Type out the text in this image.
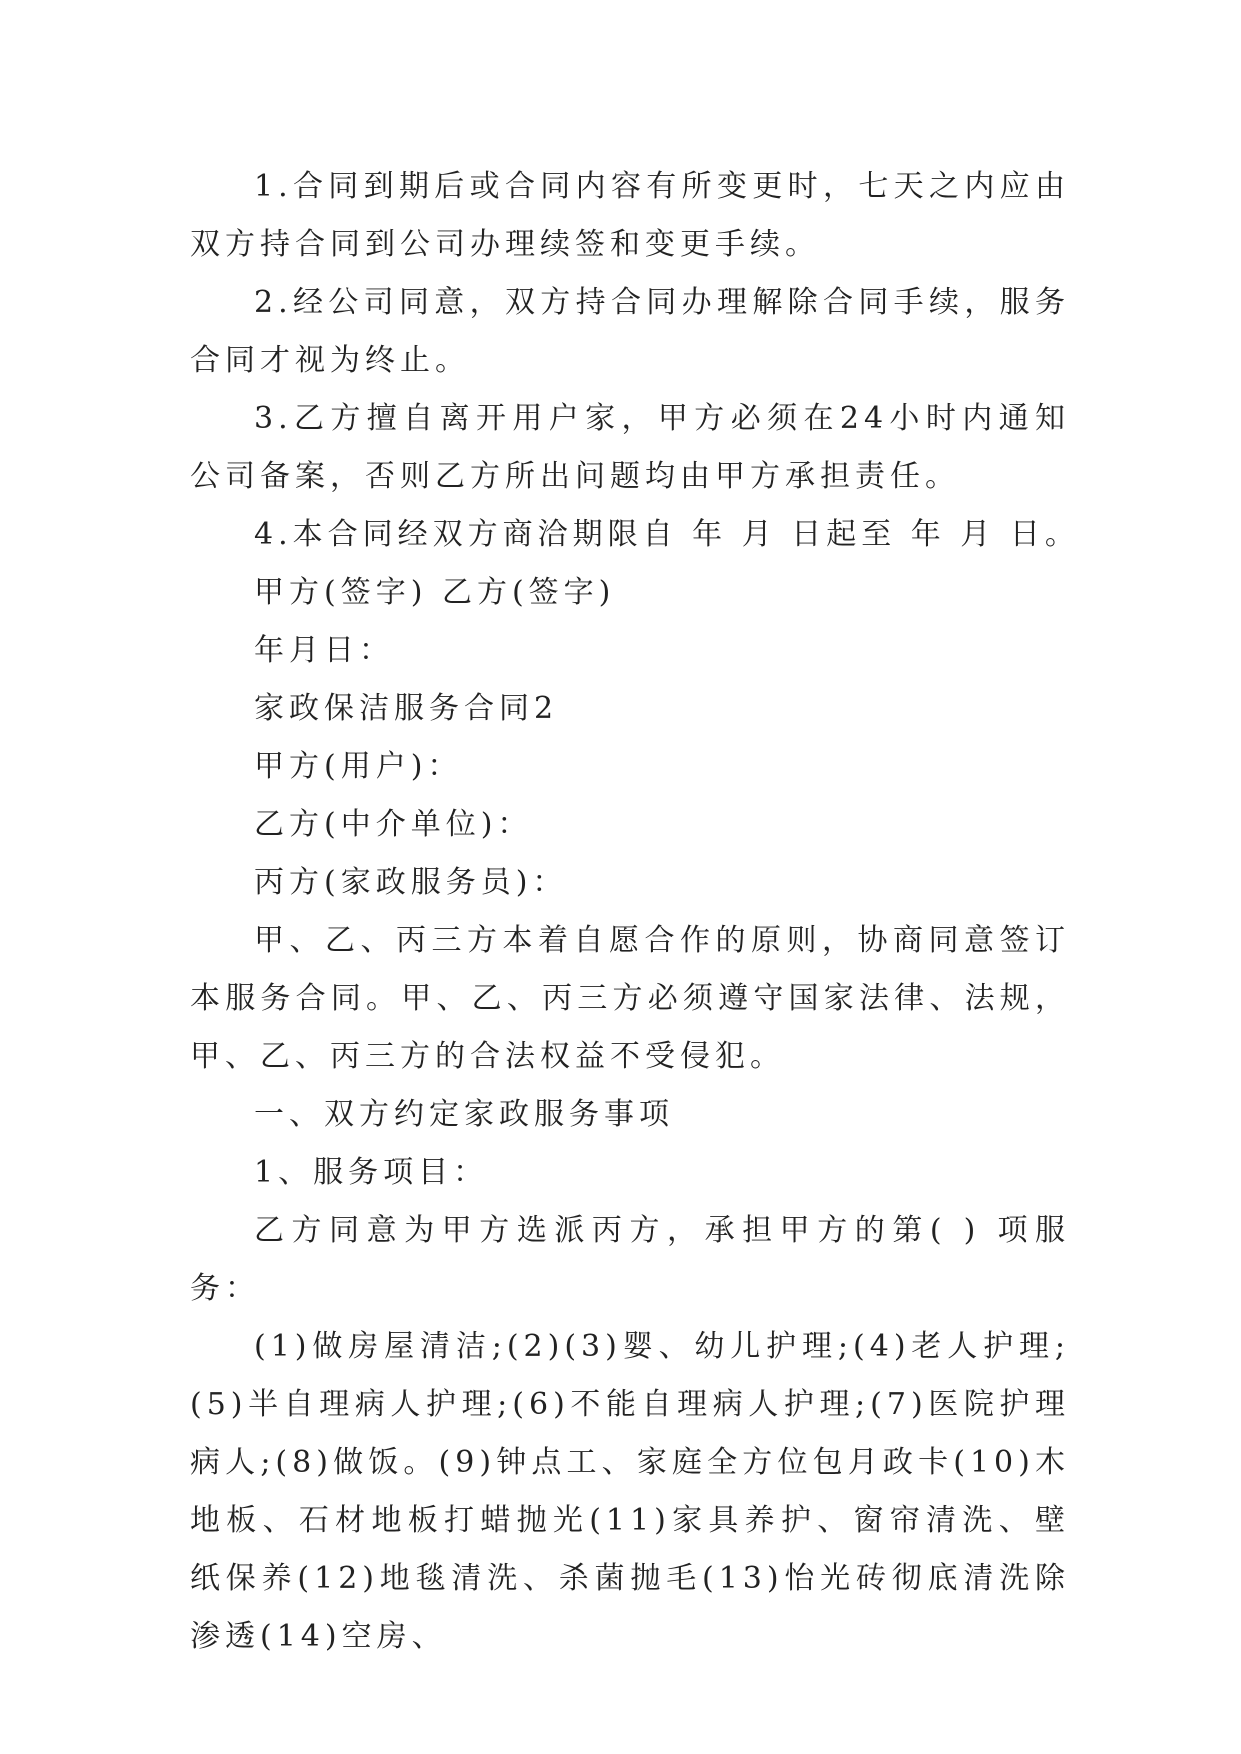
1.合同到期后或合同内容有所变更时，七天之内应由双方持合同到公司办理续签和变更手续。

2.经公司同意，双方持合同办理解除合同手续，服务合同才视为终止。

3.乙方擅自离开用户家，甲方必须在24小时内通知公司备案，否则乙方所出问题均由甲方承担责任。

4.本合同经双方商洽期限自 年 月 日起至 年 月 日。

甲方(签字) 乙方(签字)

年月日：

家政保洁服务合同2

甲方(用户)：

乙方(中介单位)：

丙方(家政服务员)：

甲、乙、丙三方本着自愿合作的原则，协商同意签订本服务合同。甲、乙、丙三方必须遵守国家法律、法规，甲、乙、丙三方的合法权益不受侵犯。

一、双方约定家政服务事项

1、服务项目：

乙方同意为甲方选派丙方，承担甲方的第( ) 项服务：

(1)做房屋清洁;(2)(3)婴、幼儿护理;(4)老人护理;(5)半自理病人护理;(6)不能自理病人护理;(7)医院护理病人;(8)做饭。(9)钟点工、家庭全方位包月政卡(10)木地板、石材地板打蜡抛光(11)家具养护、窗帘清洗、壁纸保养(12)地毯清洗、杀菌抛毛(13)怡光砖彻底清洗除渗透(14)空房、
